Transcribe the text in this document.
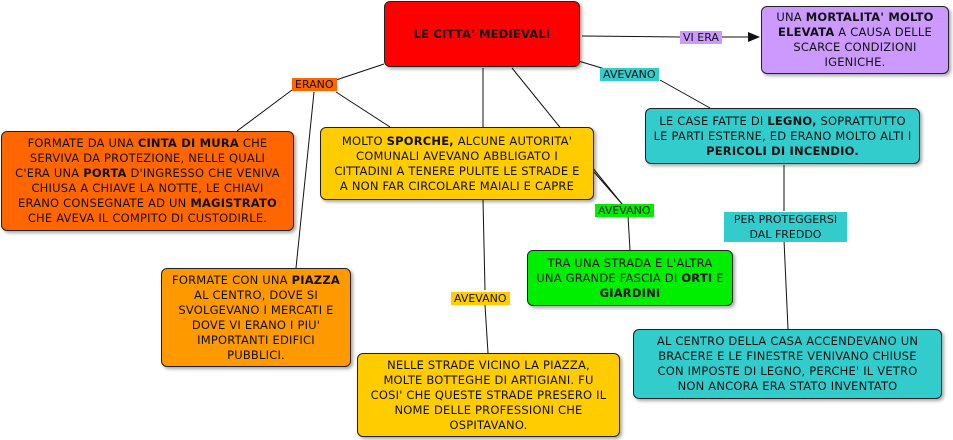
LE CITTA' MEDIEVALI
UNA MORTALITA' MOLTO ELEVATA A CAUSA DELLE SCARCE CONDIZIONI IGENICHE.
FORMATE DA UNA CINTA DI MURA CHE SERVIVA DA PROTEZIONE, NELLE QUALI C'ERA UNA PORTA D'INGRESSO CHE VENIVA CHIUSA A CHIAVE LA NOTTE, LE CHIAVI ERANO CONSEGNATE AD UN MAGISTRATO CHE AVEVA IL COMPITO DI CUSTODIRLE.
MOLTO SPORCHE, ALCUNE AUTORITA' COMUNALI AVEVANO ABBLIGATO I CITTADINI A TENERE PULITE LE STRADE E A NON FAR CIRCOLARE MAIALI E CAPRE
LE CASE FATTE DI LEGNO, SOPRATTUTTO LE PARTI ESTERNE, ED ERANO MOLTO ALTI I PERICOLI DI INCENDIO.
FORMATE CON UNA PIAZZA AL CENTRO, DOVE SI SVOLGEVANO I MERCATI E DOVE VI ERANO I PIU' IMPORTANTI EDIFICI PUBBLICI.
TRA UNA STRADA E L'ALTRA UNA GRANDE FASCIA DI ORTI E GIARDINI
NELLE STRADE VICINO LA PIAZZA, MOLTE BOTTEGHE DI ARTIGIANI. FU COSI' CHE QUESTE STRADE PRESERO IL NOME DELLE PROFESSIONI CHE OSPITAVANO.
AL CENTRO DELLA CASA ACCENDEVANO UN BRACERE E LE FINESTRE VENIVANO CHIUSE CON IMPOSTE DI LEGNO, PERCHE' IL VETRO NON ANCORA ERA STATO INVENTATO
VI ERA
ERANO
AVEVANO
AVEVANO
AVEVANO
PER PROTEGGERSI DAL FREDDO
